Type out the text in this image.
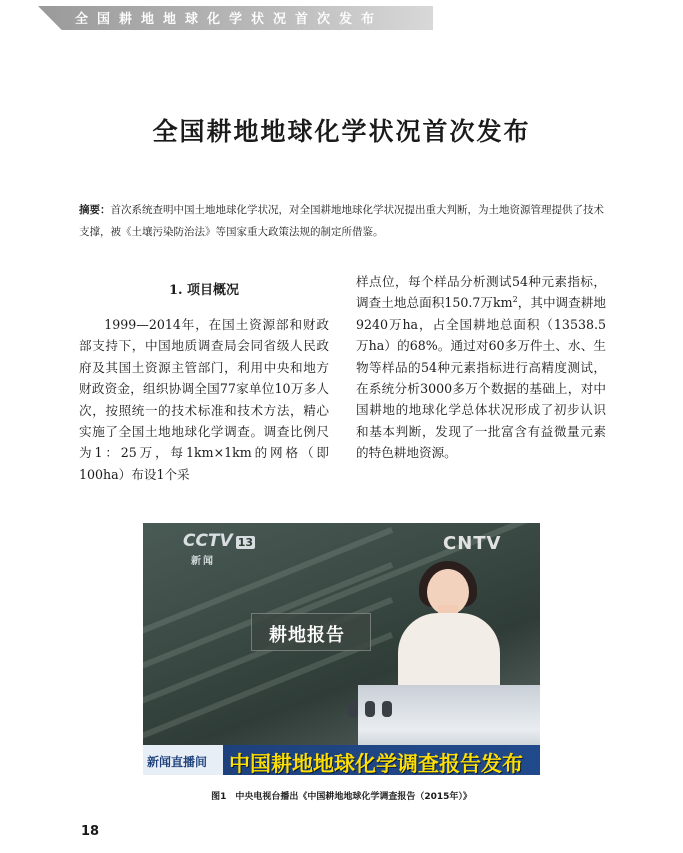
全国耕地地球化学状况首次发布
全国耕地地球化学状况首次发布
摘要：首次系统查明中国土地地球化学状况，对全国耕地地球化学状况提出重大判断，为土地资源管理提供了技术支撑，被《土壤污染防治法》等国家重大政策法规的制定所借鉴。
1. 项目概况
1999—2014年，在国土资源部和财政部支持下，中国地质调查局会同省级人民政府及其国土资源主管部门，利用中央和地方财政资金，组织协调全国77家单位10万多人次，按照统一的技术标准和技术方法，精心实施了全国土地地球化学调查。调查比例尺为1：25万，每1km×1km的网格（即100ha）布设1个采
样点位，每个样品分析测试54种元素指标，调查土地总面积150.7万$km^2$，其中调查耕地9240万ha，占全国耕地总面积（13538.5万ha）的68%。通过对60多万件土、水、生物等样品的54种元素指标进行高精度测试，在系统分析3000多万个数据的基础上，对中国耕地的地球化学总体状况形成了初步认识和基本判断，发现了一批富含有益微量元素的特色耕地资源。
CCTV 13
新闻
CNTV
耕地报告
新闻直播间 中国耕地地球化学调查报告发布
图1　中央电视台播出《中国耕地地球化学调查报告（2015年）》
18
